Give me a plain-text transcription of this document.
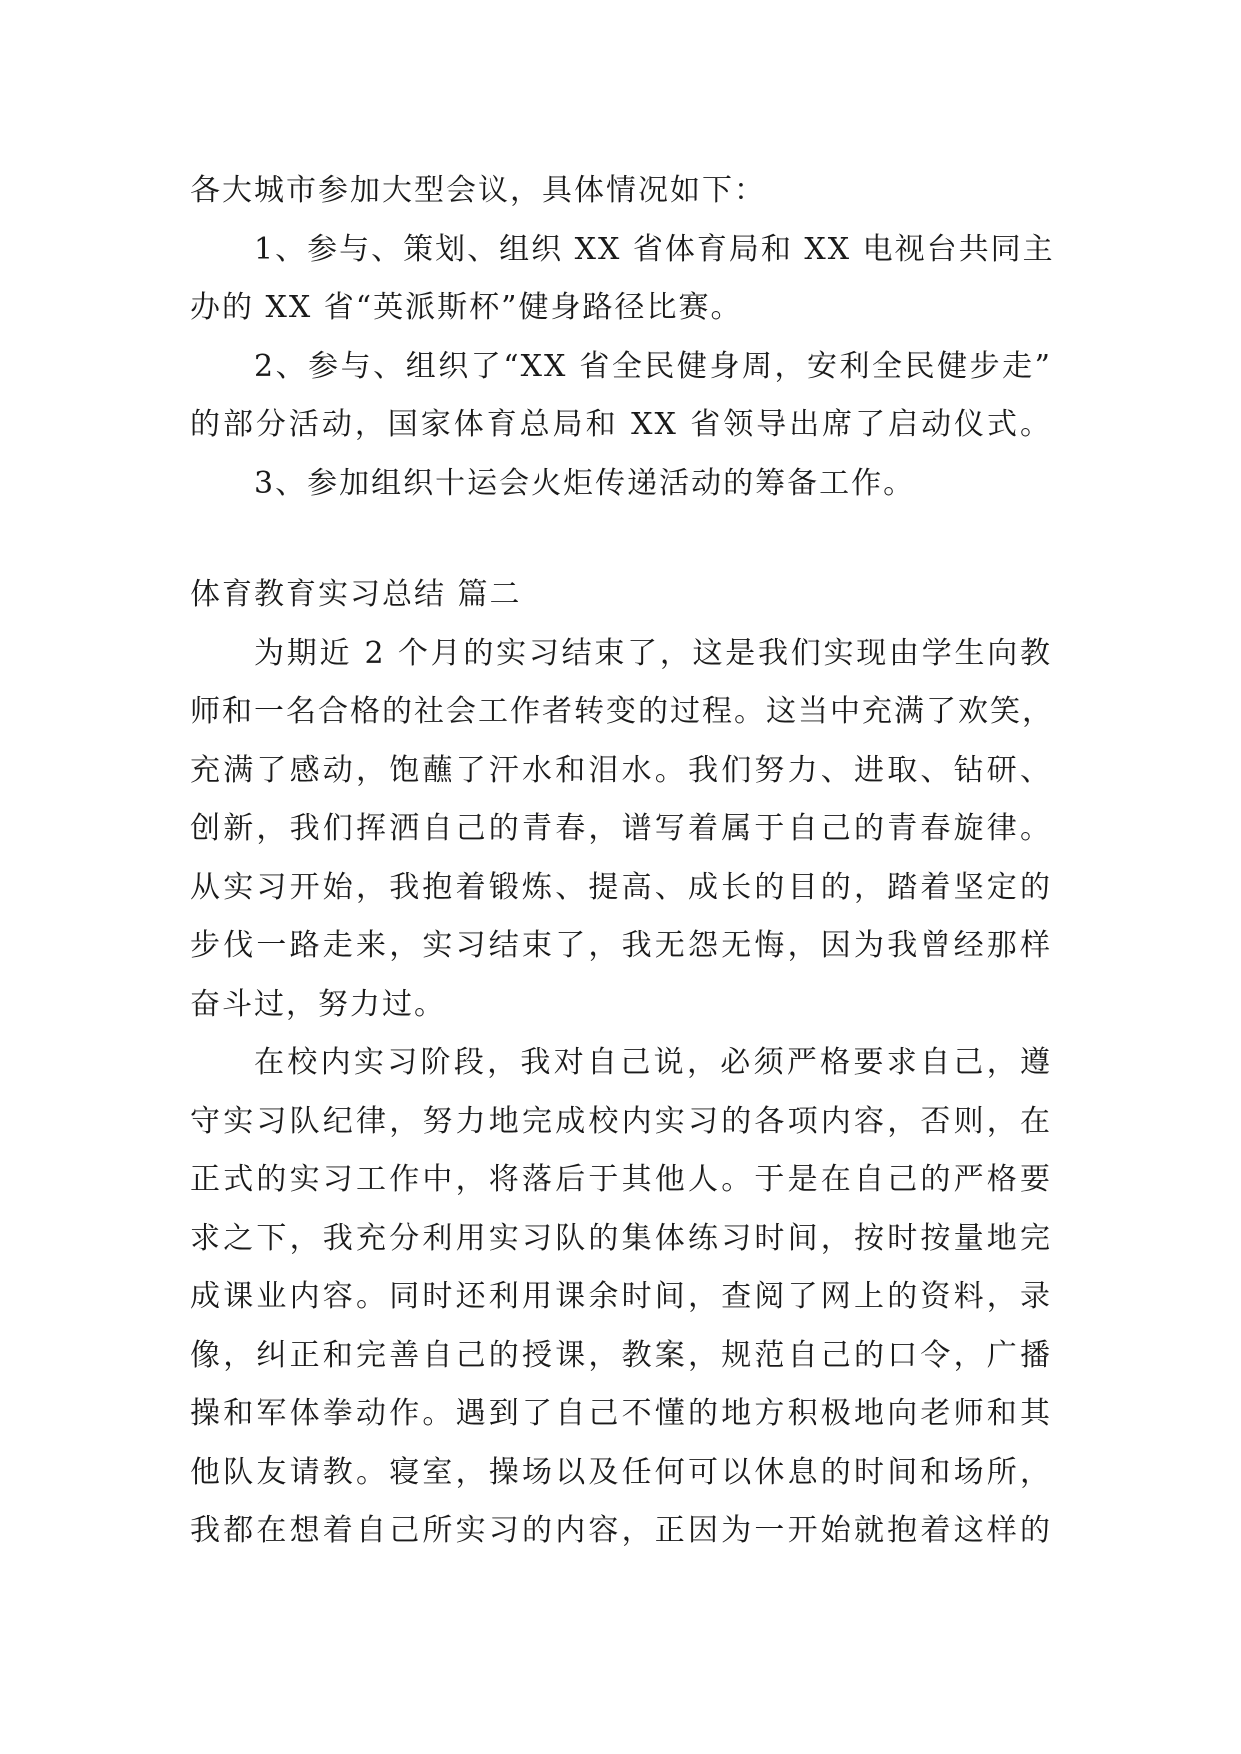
各大城市参加大型会议，具体情况如下：
1、参与、策划、组织 XX 省体育局和 XX 电视台共同主
办的 XX 省“英派斯杯”健身路径比赛。
2、参与、组织了“XX 省全民健身周，安利全民健步走”
的部分活动，国家体育总局和 XX 省领导出席了启动仪式。
3、参加组织十运会火炬传递活动的筹备工作。
体育教育实习总结 篇二
为期近 2 个月的实习结束了，这是我们实现由学生向教
师和一名合格的社会工作者转变的过程。这当中充满了欢笑，
充满了感动，饱蘸了汗水和泪水。我们努力、进取、钻研、
创新，我们挥洒自己的青春，谱写着属于自己的青春旋律。
从实习开始，我抱着锻炼、提高、成长的目的，踏着坚定的
步伐一路走来，实习结束了，我无怨无悔，因为我曾经那样
奋斗过，努力过。
在校内实习阶段，我对自己说，必须严格要求自己，遵
守实习队纪律，努力地完成校内实习的各项内容，否则，在
正式的实习工作中，将落后于其他人。于是在自己的严格要
求之下，我充分利用实习队的集体练习时间，按时按量地完
成课业内容。同时还利用课余时间，查阅了网上的资料，录
像，纠正和完善自己的授课，教案，规范自己的口令，广播
操和军体拳动作。遇到了自己不懂的地方积极地向老师和其
他队友请教。寝室，操场以及任何可以休息的时间和场所，
我都在想着自己所实习的内容，正因为一开始就抱着这样的
